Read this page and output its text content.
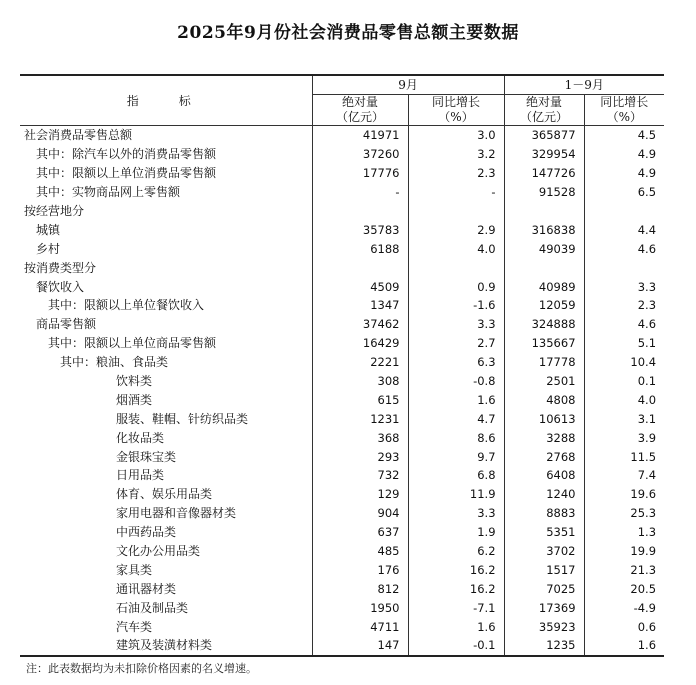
2025年9月份社会消费品零售总额主要数据
指　标	9月		1－9月	
	绝对量	同比增长	绝对量	同比增长
	（亿元）	（%）	（亿元）	（%）
社会消费品零售总额	41971	3.0	365877	4.5
其中：除汽车以外的消费品零售额	37260	3.2	329954	4.9
其中：限额以上单位消费品零售额	17776	2.3	147726	4.9
其中：实物商品网上零售额	-	-	91528	6.5
按经营地分				
城镇	35783	2.9	316838	4.4
乡村	6188	4.0	49039	4.6
按消费类型分				
餐饮收入	4509	0.9	40989	3.3
其中：限额以上单位餐饮收入	1347	-1.6	12059	2.3
商品零售额	37462	3.3	324888	4.6
其中：限额以上单位商品零售额	16429	2.7	135667	5.1
其中：粮油、食品类	2221	6.3	17778	10.4
饮料类	308	-0.8	2501	0.1
烟酒类	615	1.6	4808	4.0
服装、鞋帽、针纺织品类	1231	4.7	10613	3.1
化妆品类	368	8.6	3288	3.9
金银珠宝类	293	9.7	2768	11.5
日用品类	732	6.8	6408	7.4
体育、娱乐用品类	129	11.9	1240	19.6
家用电器和音像器材类	904	3.3	8883	25.3
中西药品类	637	1.9	5351	1.3
文化办公用品类	485	6.2	3702	19.9
家具类	176	16.2	1517	21.3
通讯器材类	812	16.2	7025	20.5
石油及制品类	1950	-7.1	17369	-4.9
汽车类	4711	1.6	35923	0.6
建筑及装潢材料类	147	-0.1	1235	1.6
注：此表数据均为未扣除价格因素的名义增速。
